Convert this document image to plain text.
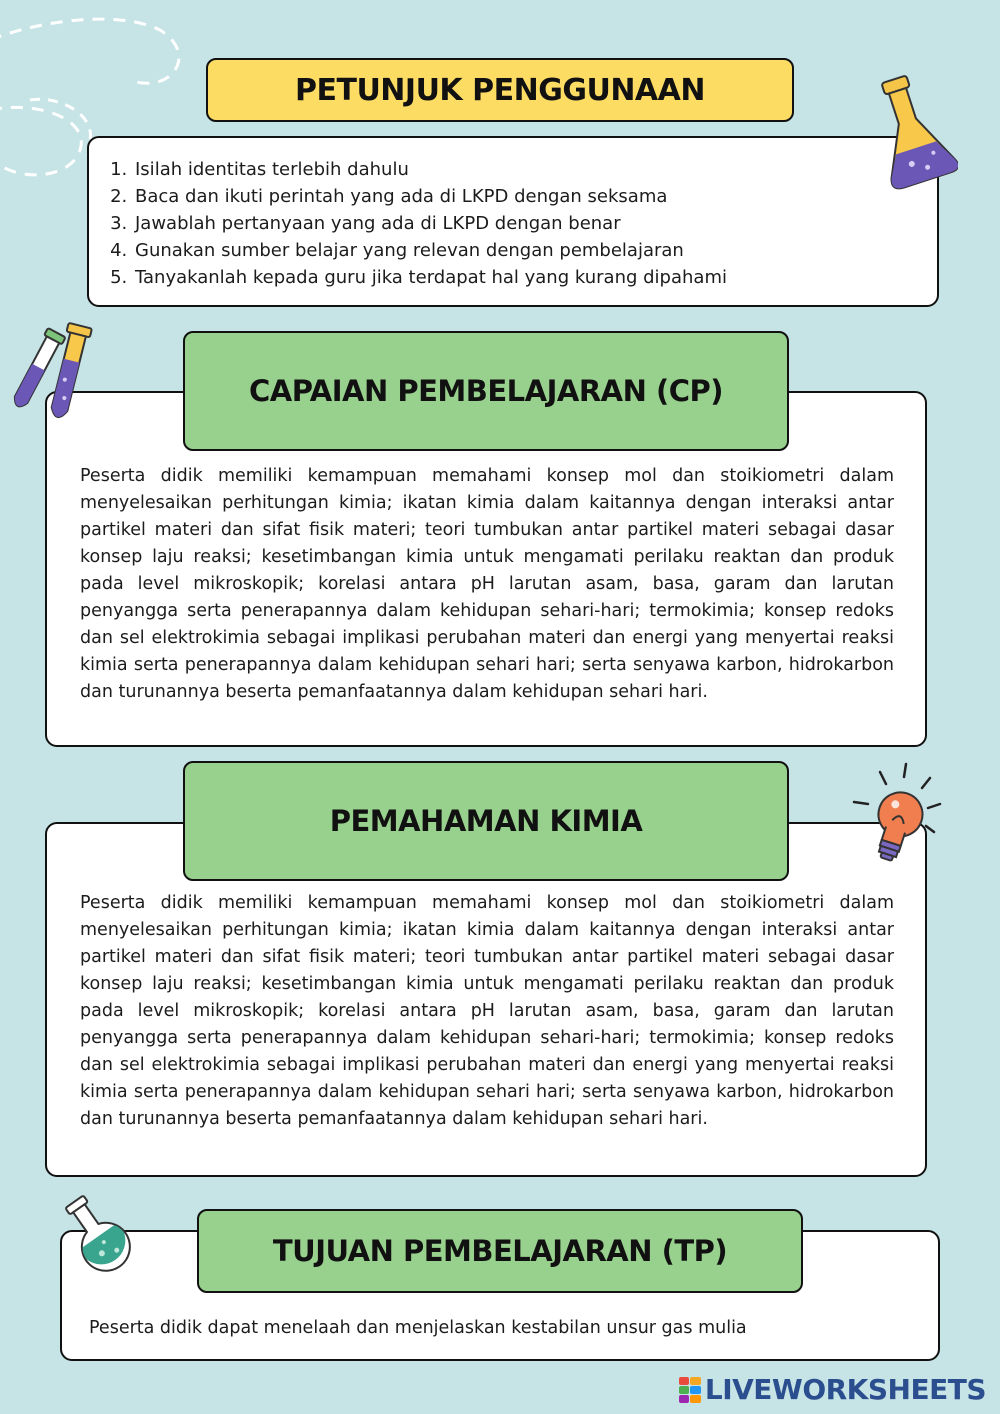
1. Isilah identitas terlebih dahulu
2. Baca dan ikuti perintah yang ada di LKPD dengan seksama
3. Jawablah pertanyaan yang ada di LKPD dengan benar
4. Gunakan sumber belajar yang relevan dengan pembelajaran
5. Tanyakanlah kepada guru jika terdapat hal yang kurang dipahami
PETUNJUK PENGGUNAAN

Peserta didik memiliki kemampuan memahami konsep mol dan stoikiometri dalam menyelesaikan perhitungan kimia; ikatan kimia dalam kaitannya dengan interaksi antar partikel materi dan sifat fisik materi; teori tumbukan antar partikel materi sebagai dasar konsep laju reaksi; kesetimbangan kimia untuk mengamati perilaku reaktan dan produk pada level mikroskopik; korelasi antara pH larutan asam, basa, garam dan larutan penyangga serta penerapannya dalam kehidupan sehari-hari; termokimia; konsep redoks dan sel elektrokimia sebagai implikasi perubahan materi dan energi yang menyertai reaksi kimia serta penerapannya dalam kehidupan sehari hari; serta senyawa karbon, hidrokarbon dan turunannya beserta pemanfaatannya dalam kehidupan sehari hari.

CAPAIAN PEMBELAJARAN (CP)

Peserta didik memiliki kemampuan memahami konsep mol dan stoikiometri dalam menyelesaikan perhitungan kimia; ikatan kimia dalam kaitannya dengan interaksi antar partikel materi dan sifat fisik materi; teori tumbukan antar partikel materi sebagai dasar konsep laju reaksi; kesetimbangan kimia untuk mengamati perilaku reaktan dan produk pada level mikroskopik; korelasi antara pH larutan asam, basa, garam dan larutan penyangga serta penerapannya dalam kehidupan sehari-hari; termokimia; konsep redoks dan sel elektrokimia sebagai implikasi perubahan materi dan energi yang menyertai reaksi kimia serta penerapannya dalam kehidupan sehari hari; serta senyawa karbon, hidrokarbon dan turunannya beserta pemanfaatannya dalam kehidupan sehari hari.

PEMAHAMAN KIMIA

Peserta didik dapat menelaah dan menjelaskan kestabilan unsur gas mulia

TUJUAN PEMBELAJARAN (TP)
LIVEWORKSHEETS
